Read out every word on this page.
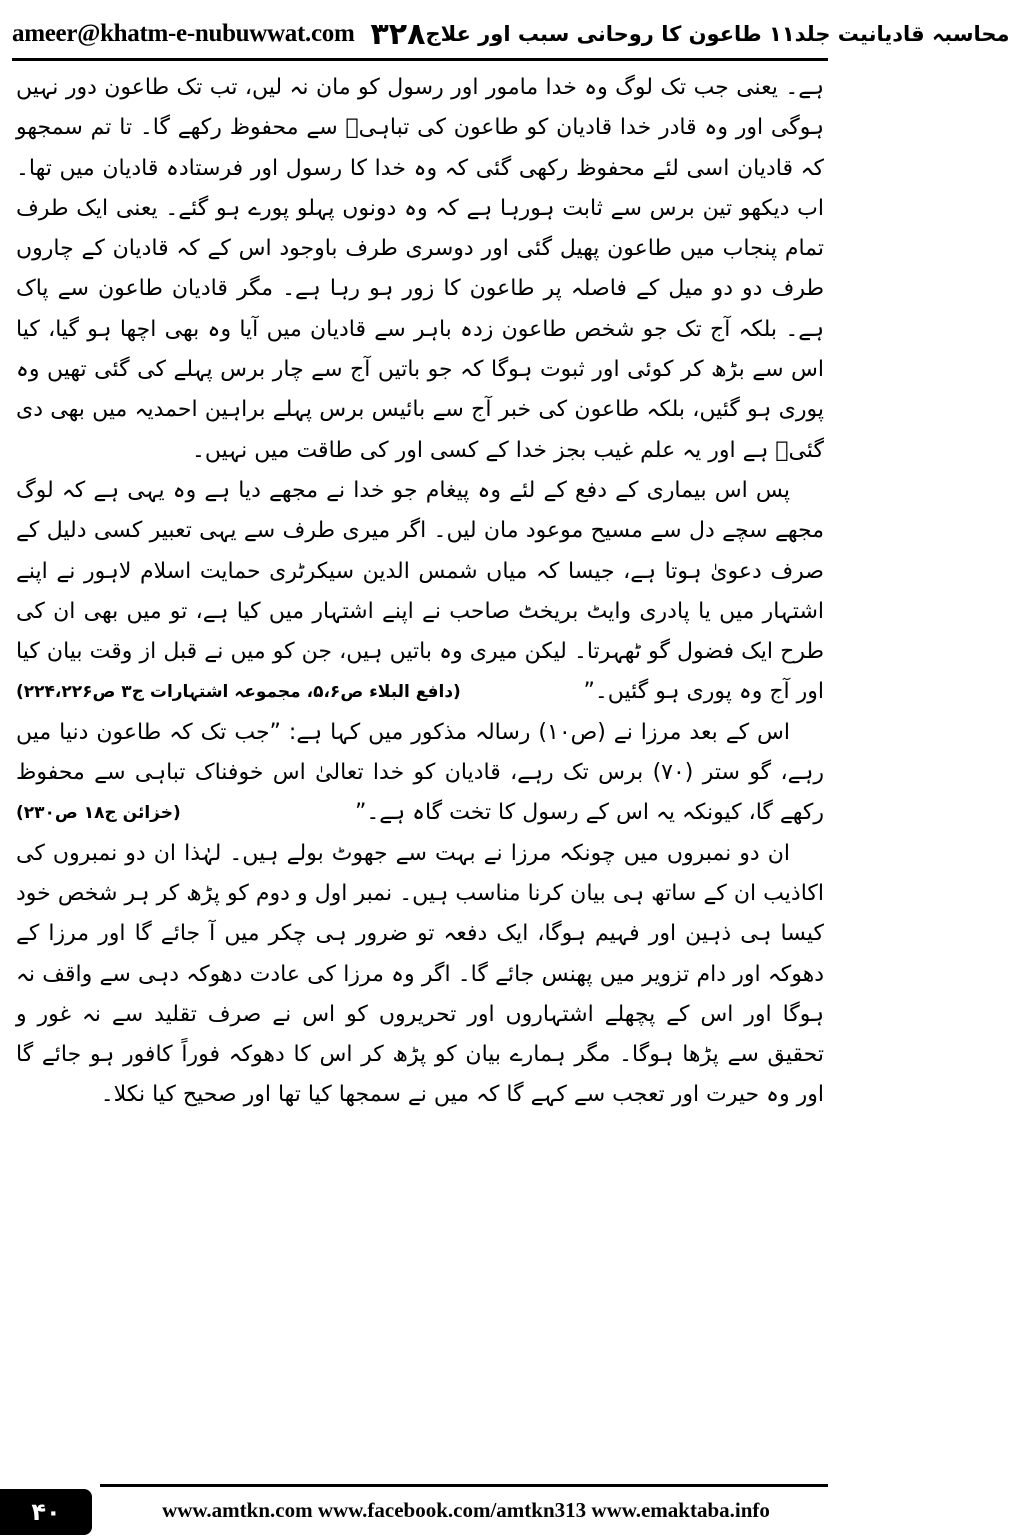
ameer@khatm-e-nubuwwat.com	محاسبہ قادیانیت جلد۱۱ طاعون کا روحانی سبب اور علاج
۳۲۸

ہے۔ یعنی جب تک لوگ وہ خدا مامور اور رسول کو مان نہ لیں، تب تک طاعون دور نہیں ہوگی اور وہ قادر خدا قادیان کو طاعون کی تباہیؐ سے محفوظ رکھے گا۔ تا تم سمجھو کہ قادیان اسی لئے محفوظ رکھی گئی کہ وہ خدا کا رسول اور فرستادہ قادیان میں تھا۔ اب دیکھو تین برس سے ثابت ہورہا ہے کہ وہ دونوں پہلو پورے ہو گئے۔ یعنی ایک طرف تمام پنجاب میں طاعون پھیل گئی اور دوسری طرف باوجود اس کے کہ قادیان کے چاروں طرف دو دو میل کے فاصلہ پر طاعون کا زور ہو رہا ہے۔ مگر قادیان طاعون سے پاک ہے۔ بلکہ آج تک جو شخص طاعون زدہ باہر سے قادیان میں آیا وہ بھی اچھا ہو گیا، کیا اس سے بڑھ کر کوئی اور ثبوت ہوگا کہ جو باتیں آج سے چار برس پہلے کی گئی تھیں وہ پوری ہو گئیں، بلکہ طاعون کی خبر آج سے بائیس برس پہلے براہین احمدیہ میں بھی دی گئیؐ ہے اور یہ علم غیب بجز خدا کے کسی اور کی طاقت میں نہیں۔

پس اس بیماری کے دفع کے لئے وہ پیغام جو خدا نے مجھے دیا ہے وہ یہی ہے کہ لوگ مجھے سچے دل سے مسیح موعود مان لیں۔ اگر میری طرف سے یہی تعبیر کسی دلیل کے صرف دعویٰ ہوتا ہے، جیسا کہ میاں شمس الدین سیکرٹری حمایت اسلام لاہور نے اپنے اشتہار میں یا پادری وایٹ بریخٹ صاحب نے اپنے اشتہار میں کیا ہے، تو میں بھی ان کی طرح ایک فضول گو ٹھہرتا۔ لیکن میری وہ باتیں ہیں، جن کو میں نے قبل از وقت بیان کیا اور آج وہ پوری ہو گئیں۔”
(دافع البلاء ص۵،۶، مجموعہ اشتہارات ج۳ ص۲۲۴،۲۲۶)

اس کے بعد مرزا نے (ص۱۰) رسالہ مذکور میں کہا ہے: ”جب تک کہ طاعون دنیا میں رہے، گو ستر (۷۰) برس تک رہے، قادیان کو خدا تعالیٰ اس خوفناک تباہی سے محفوظ رکھے گا، کیونکہ یہ اس کے رسول کا تخت گاہ ہے۔”
(خزائن ج۱۸ ص۲۳۰)

ان دو نمبروں میں چونکہ مرزا نے بہت سے جھوٹ بولے ہیں۔ لہٰذا ان دو نمبروں کی اکاذیب ان کے ساتھ ہی بیان کرنا مناسب ہیں۔ نمبر اول و دوم کو پڑھ کر ہر شخص خود کیسا ہی ذہین اور فہیم ہوگا، ایک دفعہ تو ضرور ہی چکر میں آ جائے گا اور مرزا کے دھوکہ اور دام تزویر میں پھنس جائے گا۔ اگر وہ مرزا کی عادت دھوکہ دہی سے واقف نہ ہوگا اور اس کے پچھلے اشتہاروں اور تحریروں کو اس نے صرف تقلید سے نہ غور و تحقیق سے پڑھا ہوگا۔ مگر ہمارے بیان کو پڑھ کر اس کا دھوکہ فوراً کافور ہو جائے گا اور وہ حیرت اور تعجب سے کہے گا کہ میں نے سمجھا کیا تھا اور صحیح کیا نکلا۔

۴۰	www.amtkn.com www.facebook.com/amtkn313 www.emaktaba.info
